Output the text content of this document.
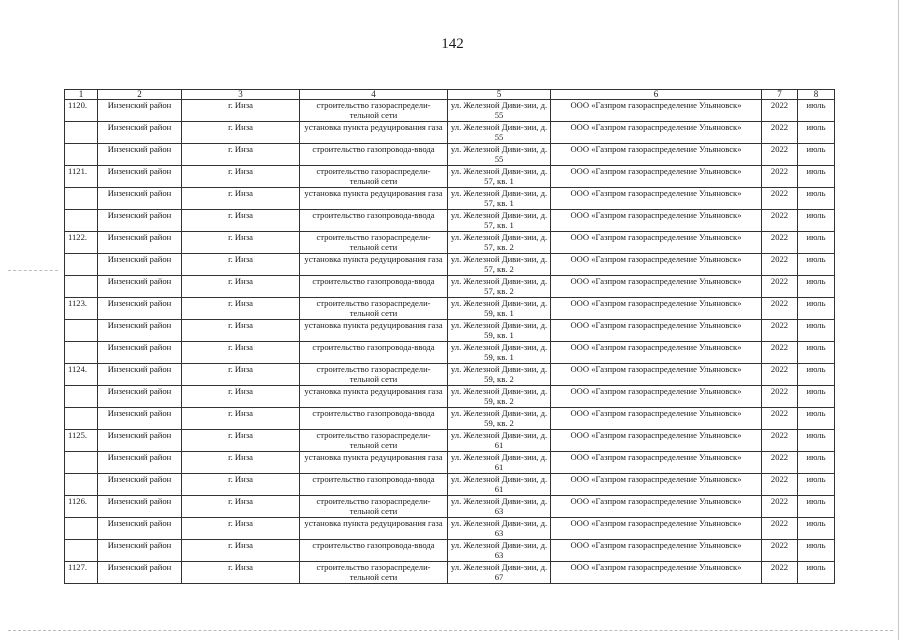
142
1	2	3	4	5	6	7	8
1120.	Инзенский район	г. Инза	строительство газораспредели-тельной сети	ул. Железной Диви-зии, д. 55	ООО «Газпром газораспределение Ульяновск»	2022	июль
	Инзенский район	г. Инза	установка пункта редуцирования газа	ул. Железной Диви-зии, д. 55	ООО «Газпром газораспределение Ульяновск»	2022	июль
	Инзенский район	г. Инза	строительство газопровода-ввода	ул. Железной Диви-зии, д. 55	ООО «Газпром газораспределение Ульяновск»	2022	июль
1121.	Инзенский район	г. Инза	строительство газораспредели-тельной сети	ул. Железной Диви-зии, д. 57, кв. 1	ООО «Газпром газораспределение Ульяновск»	2022	июль
	Инзенский район	г. Инза	установка пункта редуцирования газа	ул. Железной Диви-зии, д. 57, кв. 1	ООО «Газпром газораспределение Ульяновск»	2022	июль
	Инзенский район	г. Инза	строительство газопровода-ввода	ул. Железной Диви-зии, д. 57, кв. 1	ООО «Газпром газораспределение Ульяновск»	2022	июль
1122.	Инзенский район	г. Инза	строительство газораспредели-тельной сети	ул. Железной Диви-зии, д. 57, кв. 2	ООО «Газпром газораспределение Ульяновск»	2022	июль
	Инзенский район	г. Инза	установка пункта редуцирования газа	ул. Железной Диви-зии, д. 57, кв. 2	ООО «Газпром газораспределение Ульяновск»	2022	июль
	Инзенский район	г. Инза	строительство газопровода-ввода	ул. Железной Диви-зии, д. 57, кв. 2	ООО «Газпром газораспределение Ульяновск»	2022	июль
1123.	Инзенский район	г. Инза	строительство газораспредели-тельной сети	ул. Железной Диви-зии, д. 59, кв. 1	ООО «Газпром газораспределение Ульяновск»	2022	июль
	Инзенский район	г. Инза	установка пункта редуцирования газа	ул. Железной Диви-зии, д. 59, кв. 1	ООО «Газпром газораспределение Ульяновск»	2022	июль
	Инзенский район	г. Инза	строительство газопровода-ввода	ул. Железной Диви-зии, д. 59, кв. 1	ООО «Газпром газораспределение Ульяновск»	2022	июль
1124.	Инзенский район	г. Инза	строительство газораспредели-тельной сети	ул. Железной Диви-зии, д. 59, кв. 2	ООО «Газпром газораспределение Ульяновск»	2022	июль
	Инзенский район	г. Инза	установка пункта редуцирования газа	ул. Железной Диви-зии, д. 59, кв. 2	ООО «Газпром газораспределение Ульяновск»	2022	июль
	Инзенский район	г. Инза	строительство газопровода-ввода	ул. Железной Диви-зии, д. 59, кв. 2	ООО «Газпром газораспределение Ульяновск»	2022	июль
1125.	Инзенский район	г. Инза	строительство газораспредели-тельной сети	ул. Железной Диви-зии, д. 61	ООО «Газпром газораспределение Ульяновск»	2022	июль
	Инзенский район	г. Инза	установка пункта редуцирования газа	ул. Железной Диви-зии, д. 61	ООО «Газпром газораспределение Ульяновск»	2022	июль
	Инзенский район	г. Инза	строительство газопровода-ввода	ул. Железной Диви-зии, д. 61	ООО «Газпром газораспределение Ульяновск»	2022	июль
1126.	Инзенский район	г. Инза	строительство газораспредели-тельной сети	ул. Железной Диви-зии, д. 63	ООО «Газпром газораспределение Ульяновск»	2022	июль
	Инзенский район	г. Инза	установка пункта редуцирования газа	ул. Железной Диви-зии, д. 63	ООО «Газпром газораспределение Ульяновск»	2022	июль
	Инзенский район	г. Инза	строительство газопровода-ввода	ул. Железной Диви-зии, д. 63	ООО «Газпром газораспределение Ульяновск»	2022	июль
1127.	Инзенский район	г. Инза	строительство газораспредели-тельной сети	ул. Железной Диви-зии, д. 67	ООО «Газпром газораспределение Ульяновск»	2022	июль
